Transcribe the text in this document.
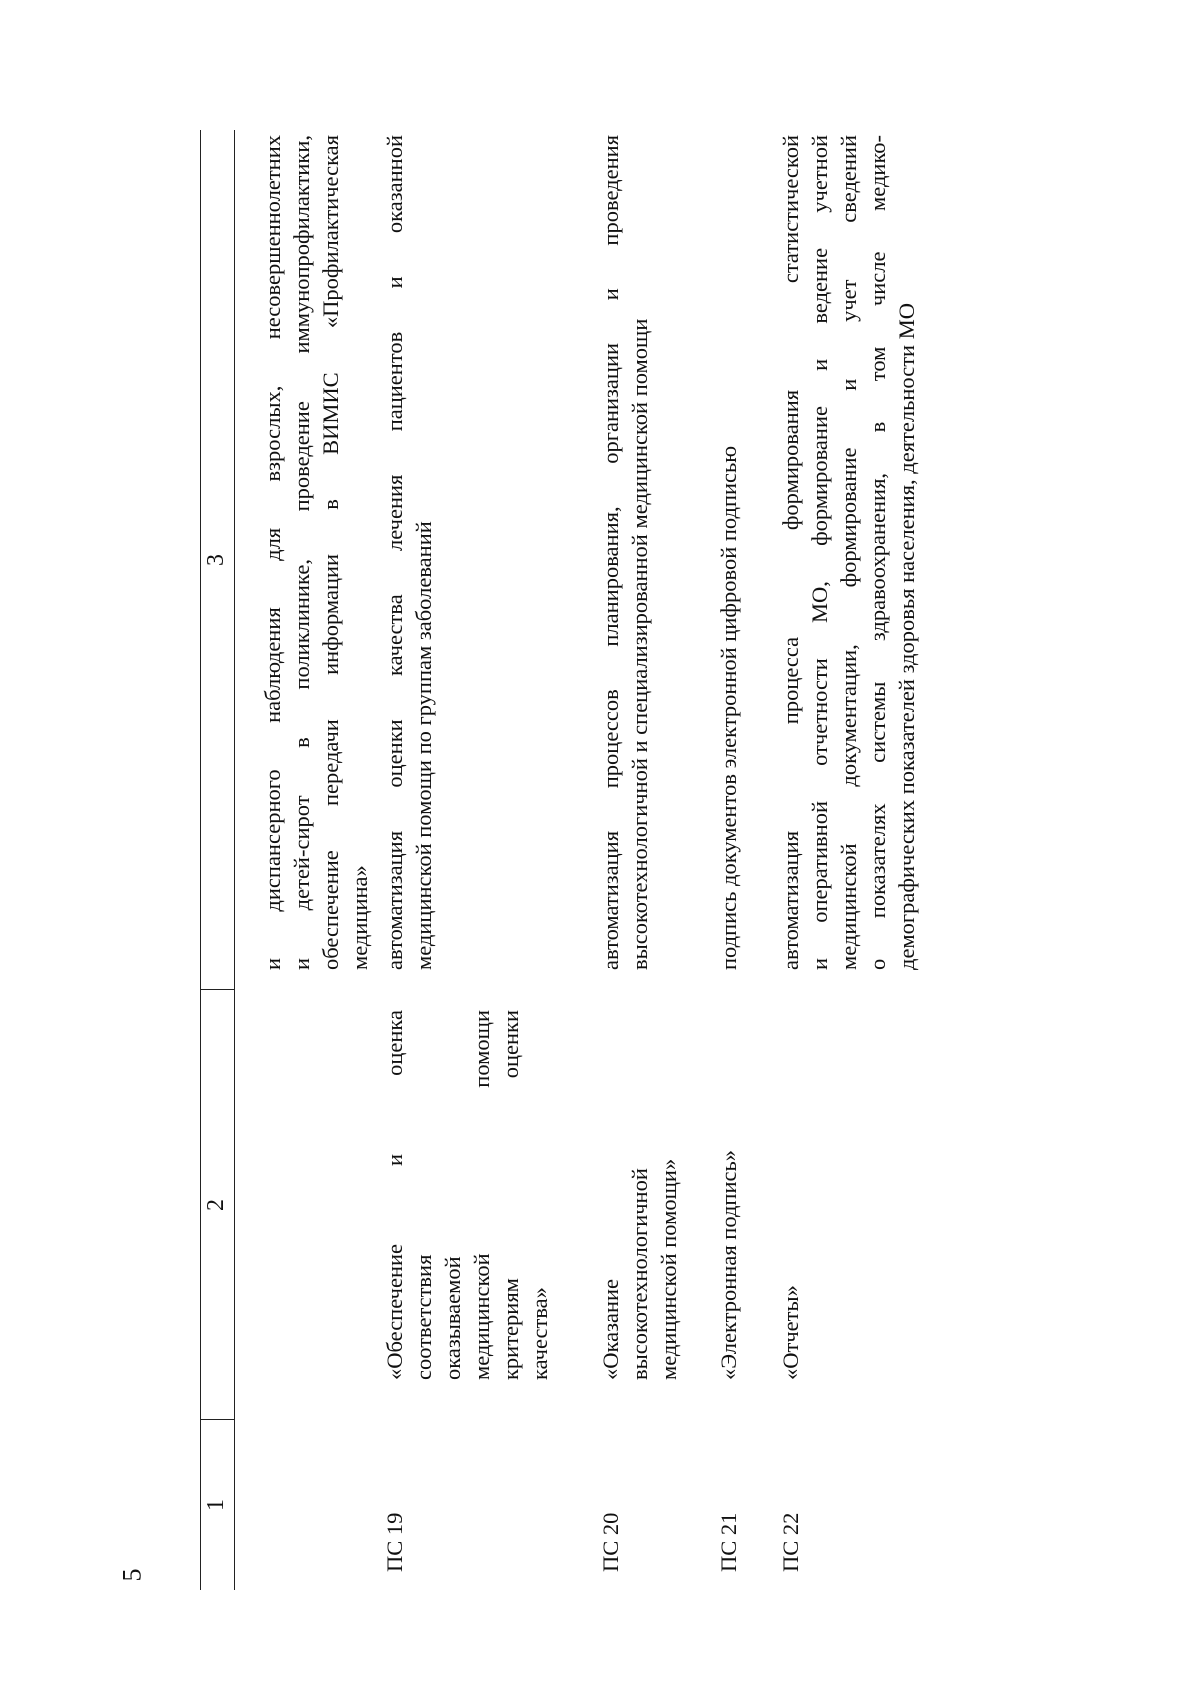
5
1
2
3 и диспансерного наблюдения для взрослых, несовершеннолетних и детей-сирот в поликлинике, проведение иммунопрофилактики, обеспечение передачи информации в ВИМИС «Профилактическая медицина»
ПС 19
«Обеспечение и оценка соответствия оказываемой медицинской помощи критериям оценки качества»
автоматизация оценки качества лечения пациентов и оказанной медицинской помощи по группам заболеваний
ПС 20
«Оказание высокотехнологичной медицинской помощи»
автоматизация процессов планирования, организации и проведения высокотехнологичной и специализированной медицинской помощи
ПС 21
«Электронная подпись»
подпись документов электронной цифровой подписью
ПС 22
«Отчеты»
автоматизация процесса формирования статистической и оперативной отчетности МО, формирование и ведение учетной медицинской документации, формирование и учет сведений о показателях системы здравоохранения, в том числе медико- демографических показателей здоровья населения, деятельности МО
